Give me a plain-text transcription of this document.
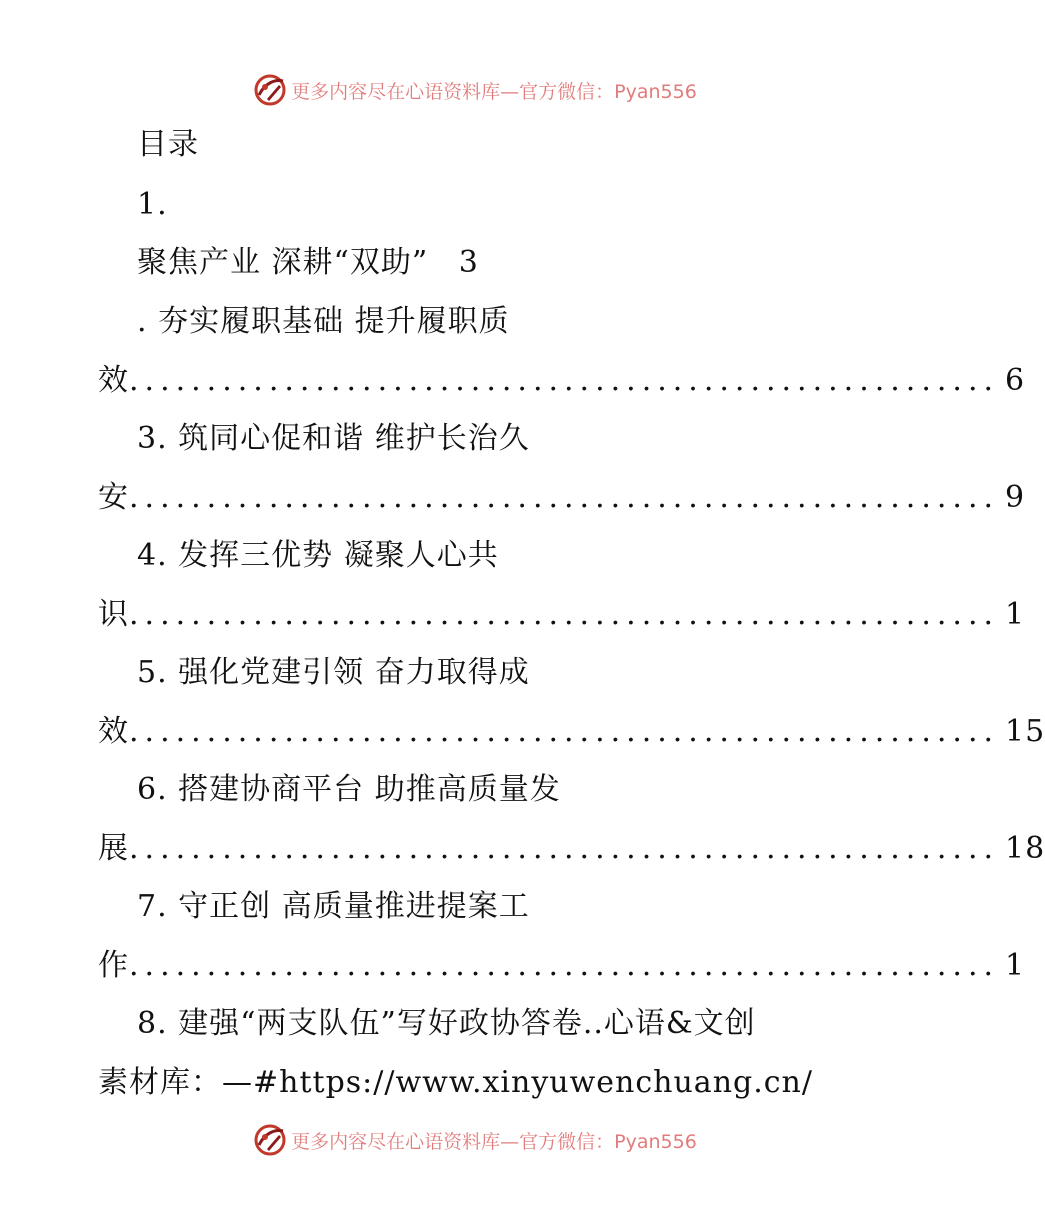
更多内容尽在心语资料库—官方微信：Pyan556
目录
1.
聚焦产业 深耕“双助” 3
. 夯实履职基础 提升履职质
效 ........................................................ 6
3. 筑同心促和谐 维护长治久
安 ........................................................ 9
4. 发挥三优势 凝聚人心共
识 ........................................................ 1
5. 强化党建引领 奋力取得成
效 ........................................................ 15
6. 搭建协商平台 助推高质量发
展 ........................................................ 18
7. 守正创 高质量推进提案工
作 ........................................................ 1
8. 建强“两支队伍”写好政协答卷..心语&文创
素材库：—#https://www.xinyuwenchuang.cn/
更多内容尽在心语资料库—官方微信：Pyan556
